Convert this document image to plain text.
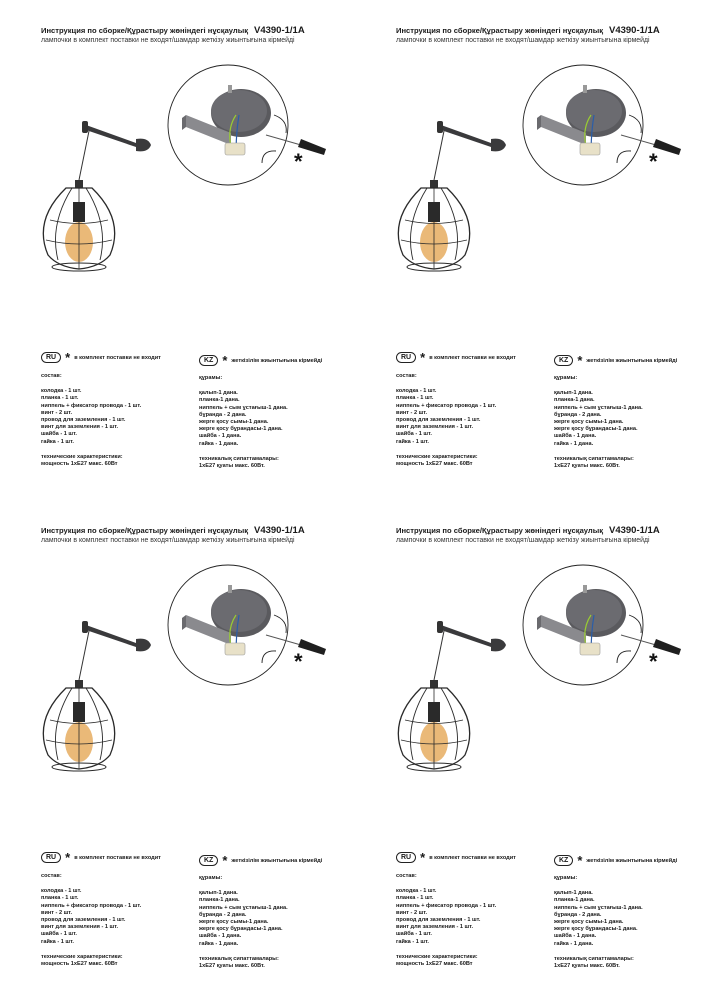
Инструкция по сборке/Құрастыру жөніндегі нұсқаулық V4390-1/1A
лампочки в комплект поставки не входят/шамдар жеткізу жиынтығына кірмейді
*
RU * в комплект поставки не входит	KZ * жеткізілім жиынтығына кірмейді
состав:
колодка - 1 шт.
планка - 1 шт.
ниппель + фиксатор провода - 1 шт.
винт - 2 шт.
провод для заземления - 1 шт.
винт для заземления - 1 шт.
шайба - 1 шт.
гайка - 1 шт.
технические характеристики:
мощность 1хЕ27 макс. 60Вт
құрамы:
қалып-1 дана.
планка-1 дана.
ниппель + сым ұстағыш-1 дана.
бұранда - 2 дана.
жерге қосу сымы-1 дана.
жерге қосу бұрандасы-1 дана.
шайба - 1 дана.
гайка - 1 дана.
техникалық сипаттамалары:
1хЕ27 қуаты макс. 60Вт.
Инструкция по сборке/Құрастыру жөніндегі нұсқаулық V4390-1/1A
лампочки в комплект поставки не входят/шамдар жеткізу жиынтығына кірмейді
*
RU * в комплект поставки не входит	KZ * жеткізілім жиынтығына кірмейді
состав:
колодка - 1 шт.
планка - 1 шт.
ниппель + фиксатор провода - 1 шт.
винт - 2 шт.
провод для заземления - 1 шт.
винт для заземления - 1 шт.
шайба - 1 шт.
гайка - 1 шт.
технические характеристики:
мощность 1хЕ27 макс. 60Вт
құрамы:
қалып-1 дана.
планка-1 дана.
ниппель + сым ұстағыш-1 дана.
бұранда - 2 дана.
жерге қосу сымы-1 дана.
жерге қосу бұрандасы-1 дана.
шайба - 1 дана.
гайка - 1 дана.
техникалық сипаттамалары:
1хЕ27 қуаты макс. 60Вт.
Инструкция по сборке/Құрастыру жөніндегі нұсқаулық V4390-1/1A
лампочки в комплект поставки не входят/шамдар жеткізу жиынтығына кірмейді
*
RU * в комплект поставки не входит	KZ * жеткізілім жиынтығына кірмейді
состав:
колодка - 1 шт.
планка - 1 шт.
ниппель + фиксатор провода - 1 шт.
винт - 2 шт.
провод для заземления - 1 шт.
винт для заземления - 1 шт.
шайба - 1 шт.
гайка - 1 шт.
технические характеристики:
мощность 1хЕ27 макс. 60Вт
құрамы:
қалып-1 дана.
планка-1 дана.
ниппель + сым ұстағыш-1 дана.
бұранда - 2 дана.
жерге қосу сымы-1 дана.
жерге қосу бұрандасы-1 дана.
шайба - 1 дана.
гайка - 1 дана.
техникалық сипаттамалары:
1хЕ27 қуаты макс. 60Вт.
Инструкция по сборке/Құрастыру жөніндегі нұсқаулық V4390-1/1A
лампочки в комплект поставки не входят/шамдар жеткізу жиынтығына кірмейді
*
RU * в комплект поставки не входит	KZ * жеткізілім жиынтығына кірмейді
состав:
колодка - 1 шт.
планка - 1 шт.
ниппель + фиксатор провода - 1 шт.
винт - 2 шт.
провод для заземления - 1 шт.
винт для заземления - 1 шт.
шайба - 1 шт.
гайка - 1 шт.
технические характеристики:
мощность 1хЕ27 макс. 60Вт
құрамы:
қалып-1 дана.
планка-1 дана.
ниппель + сым ұстағыш-1 дана.
бұранда - 2 дана.
жерге қосу сымы-1 дана.
жерге қосу бұрандасы-1 дана.
шайба - 1 дана.
гайка - 1 дана.
техникалық сипаттамалары:
1хЕ27 қуаты макс. 60Вт.
